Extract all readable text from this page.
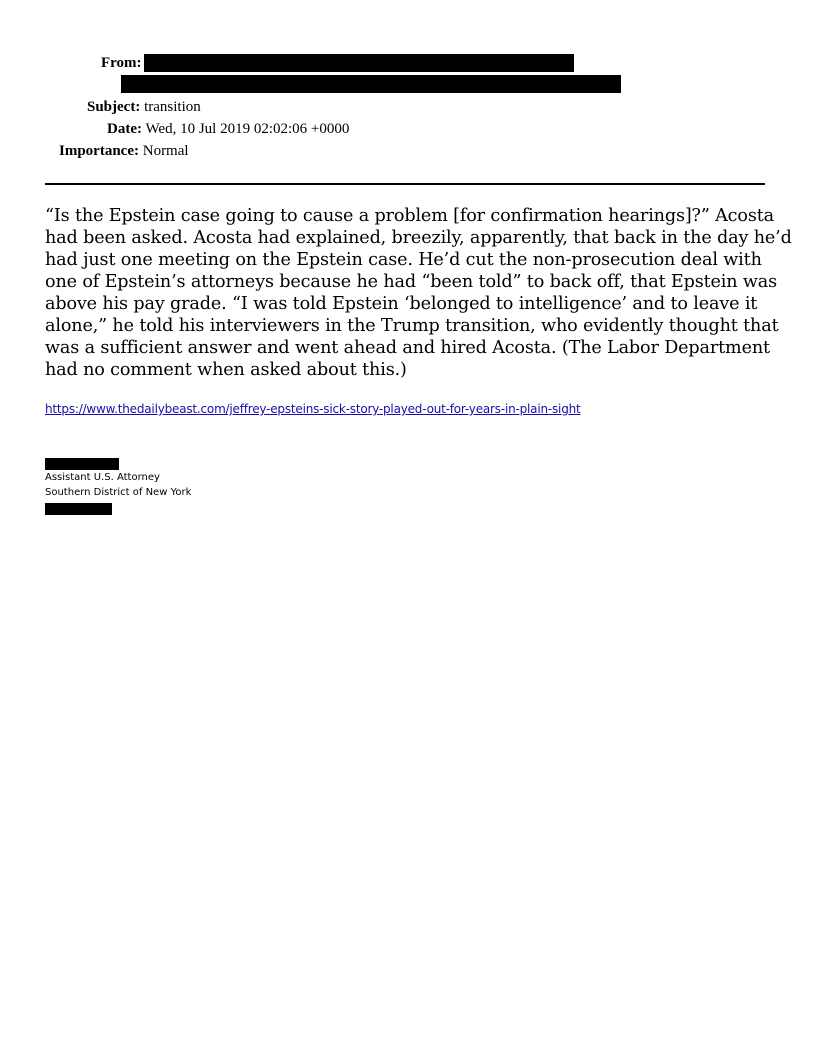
From:
Subject: transition
Date: Wed, 10 Jul 2019 02:02:06 +0000
Importance: Normal
“Is the Epstein case going to cause a problem [for confirmation hearings]?” Acosta
had been asked. Acosta had explained, breezily, apparently, that back in the day he’d
had just one meeting on the Epstein case. He’d cut the non-prosecution deal with
one of Epstein’s attorneys because he had “been told” to back off, that Epstein was
above his pay grade. “I was told Epstein ‘belonged to intelligence’ and to leave it
alone,” he told his interviewers in the Trump transition, who evidently thought that
was a sufficient answer and went ahead and hired Acosta. (The Labor Department
had no comment when asked about this.)
https://www.thedailybeast.com/jeffrey-epsteins-sick-story-played-out-for-years-in-plain-sight
Assistant U.S. Attorney
Southern District of New York
